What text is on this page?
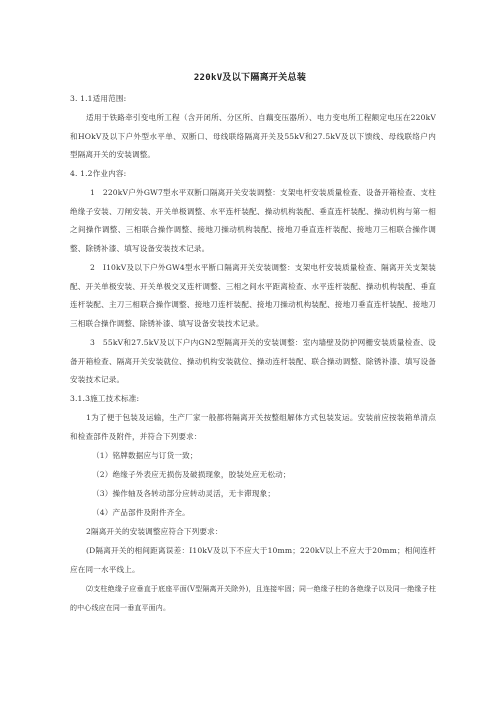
220kV及以下隔离开关总装
3. 1.1适用范围:
适用于铁路牵引变电所工程（含开闭所、分区所、自藕变压器所）、电力变电所工程额定电压在220kV和HOkV及以下户外型水平单、双断口、母线联络隔离开关及55kV和27.5kV及以下馈线、母线联络户内型隔离开关的安装调整。
4. 1.2作业内容:
1　220kV户外GW7型水平双断口隔离开关安装调整：支架电杆安装质量检查、设备开箱检查、支柱绝缘子安装、刀闸安装、开关单极调整、水平连杆装配、操动机构装配、垂直连杆装配、操动机构与第一相之间操作调整、三相联合操作调整、接地刀操动机构装配、接地刀垂直连杆装配、接地刀三相联合操作调整、除锈补漆、填写设备安装技术记录。
2　I10kV及以下户外GW4型水平断口隔离开关安装调整：支架电杆安装质量检查、隔离开关支架装配、开关单极安装、开关单极交叉连杆调整、三相之间水平距离检查、水平连杆装配、操动机构装配、垂直连杆装配、主刀三相联合操作调整、接地刀连杆装配、接地刀操动机构装配、接地刀垂直连杆装配、接地刀三相联合操作调整、除锈补漆、填写设备安装技术记录。
3　55kV和27.5kV及以下户内GN2型隔离开关的安装调整：室内墙壁及防护网栅安装质量检查、设备开箱检查、隔离开关安装就位、操动机构安装就位、操动连杆装配、联合操动调整、除锈补漆、填写设备安装技术记录。
3.1.3施工技术标准:
1为了便于包装及运输，生产厂家一般都将隔离开关按整组解体方式包装发运。安装前应按装箱单清点和检查部件及附件，并符合下列要求：
（1）铭牌数据应与订货一致；
（2）绝缘子外表应无损伤及破损现象，胶装处应无松动；
（3）操作轴及各转动部分应转动灵活，无卡滞现象；
（4）产品部件及附件齐全。
2隔离开关的安装调整应符合下列要求：
(D隔离开关的相间距离误差：I10kV及以下不应大于10mm；220kV以上不应大于20mm；相间连杆应在同一水平线上。
⑵支柱绝缘子应垂直于底座平面(V型隔离开关除外)，且连接牢固；同一绝缘子柱的各绝缘子以及同一绝缘子柱的中心线应在同一垂直平面内。
